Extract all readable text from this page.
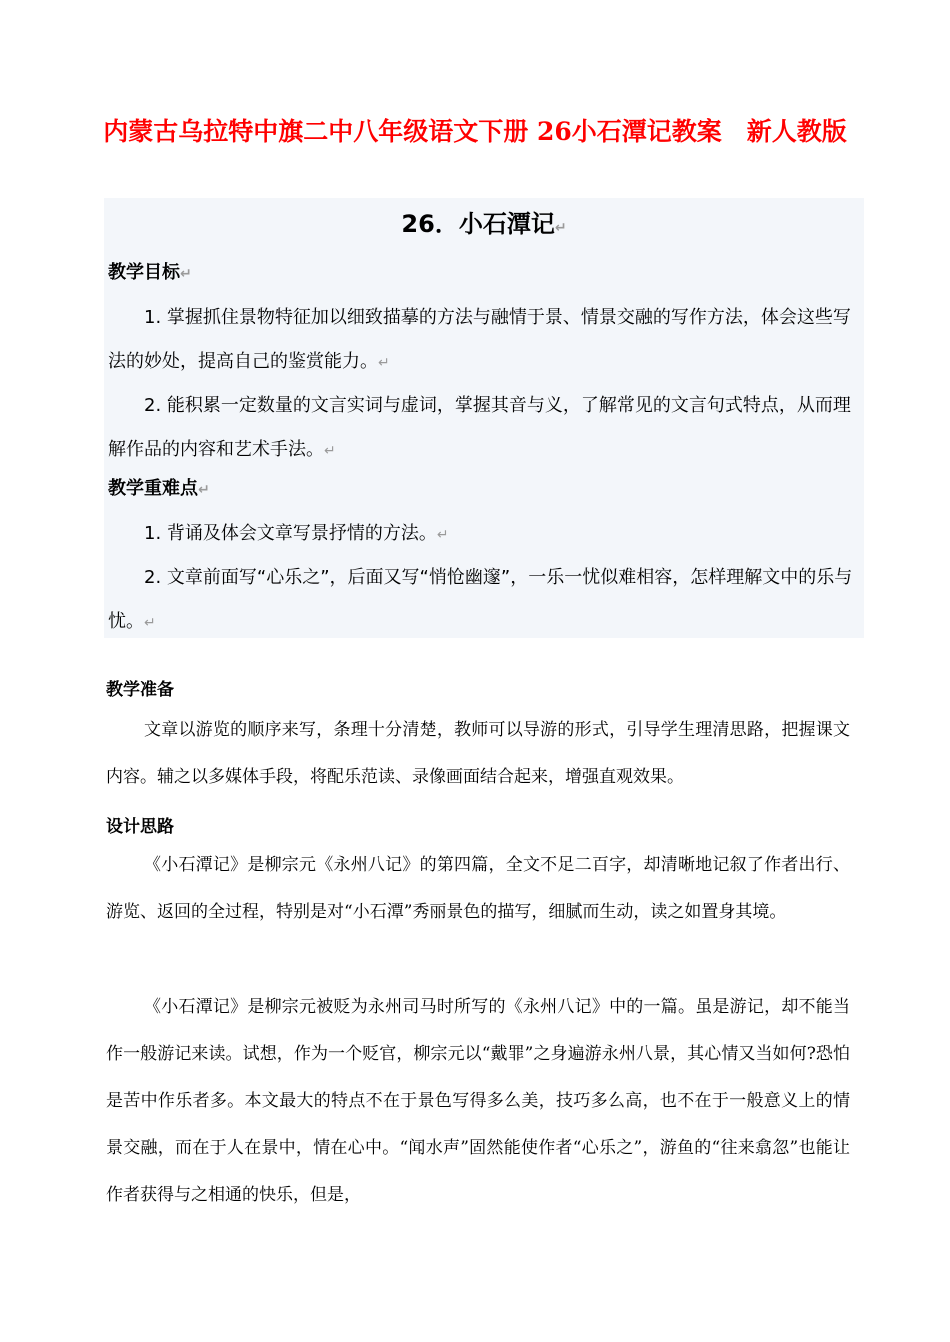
内蒙古乌拉特中旗二中八年级语文下册 26小石潭记教案　新人教版
26．小石潭记↵
教学目标↵
1. 掌握抓住景物特征加以细致描摹的方法与融情于景、情景交融的写作方法，体会这些写法的妙处，提高自己的鉴赏能力。↵
2. 能积累一定数量的文言实词与虚词，掌握其音与义，了解常见的文言句式特点，从而理解作品的内容和艺术手法。↵
教学重难点↵
1. 背诵及体会文章写景抒情的方法。↵
2. 文章前面写“心乐之”，后面又写“悄怆幽邃”，一乐一忧似难相容，怎样理解文中的乐与忧。↵
教学准备
文章以游览的顺序来写，条理十分清楚，教师可以导游的形式，引导学生理清思路，把握课文内容。辅之以多媒体手段，将配乐范读、录像画面结合起来，增强直观效果。
设计思路
《小石潭记》是柳宗元《永州八记》的第四篇，全文不足二百字，却清晰地记叙了作者出行、游览、返回的全过程，特别是对“小石潭”秀丽景色的描写，细腻而生动，读之如置身其境。
《小石潭记》是柳宗元被贬为永州司马时所写的《永州八记》中的一篇。虽是游记，却不能当作一般游记来读。试想，作为一个贬官，柳宗元以“戴罪”之身遍游永州八景，其心情又当如何?恐怕是苦中作乐者多。本文最大的特点不在于景色写得多么美，技巧多么高，也不在于一般意义上的情景交融，而在于人在景中，情在心中。“闻水声”固然能使作者“心乐之”，游鱼的“往来翕忽”也能让作者获得与之相通的快乐，但是，
